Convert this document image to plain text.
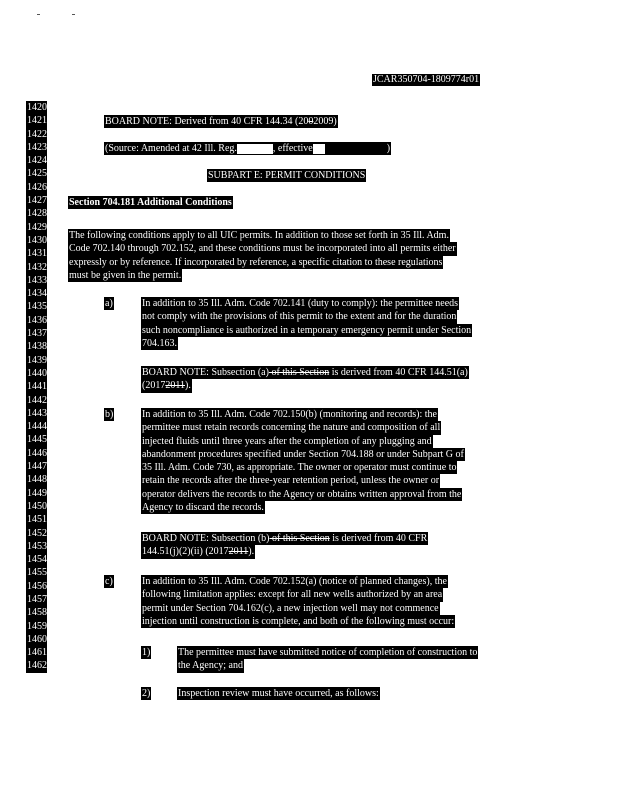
JCAR350704-1809774r01
1420
1421
1422
1423
1424
1425
1426
1427
1428
1429
1430
1431
1432
1433
1434
1435
1436
1437
1438
1439
1440
1441
1442
1443
1444
1445
1446
1447
1448
1449
1450
1451
1452
1453
1454
1455
1456
1457
1458
1459
1460
1461
1462
BOARD NOTE: Derived from 40 CFR 144.34 (2002009)
(Source: Amended at 42 Ill. Reg.	, effective	)
SUBPART E: PERMIT CONDITIONS
Section 704.181 Additional Conditions
The following conditions apply to all UIC permits. In addition to those set forth in 35 Ill. Adm.
Code 702.140 through 702.152, and these conditions must be incorporated into all permits either
expressly or by reference. If incorporated by reference, a specific citation to these regulations
must be given in the permit.
a)	In addition to 35 Ill. Adm. Code 702.141 (duty to comply): the permittee needs
not comply with the provisions of this permit to the extent and for the duration
such noncompliance is authorized in a temporary emergency permit under Section
704.163.
BOARD NOTE: Subsection (a) of this Section is derived from 40 CFR 144.51(a)
(20172011).
b)	In addition to 35 Ill. Adm. Code 702.150(b) (monitoring and records): the
permittee must retain records concerning the nature and composition of all
injected fluids until three years after the completion of any plugging and
abandonment procedures specified under Section 704.188 or under Subpart G of
35 Ill. Adm. Code 730, as appropriate. The owner or operator must continue to
retain the records after the three-year retention period, unless the owner or
operator delivers the records to the Agency or obtains written approval from the
Agency to discard the records.
BOARD NOTE: Subsection (b) of this Section is derived from 40 CFR
144.51(j)(2)(ii) (20172011).
c)	In addition to 35 Ill. Adm. Code 702.152(a) (notice of planned changes), the
following limitation applies: except for all new wells authorized by an area
permit under Section 704.162(c), a new injection well may not commence
injection until construction is complete, and both of the following must occur:
1)	The permittee must have submitted notice of completion of construction to
the Agency; and
2)	Inspection review must have occurred, as follows:
